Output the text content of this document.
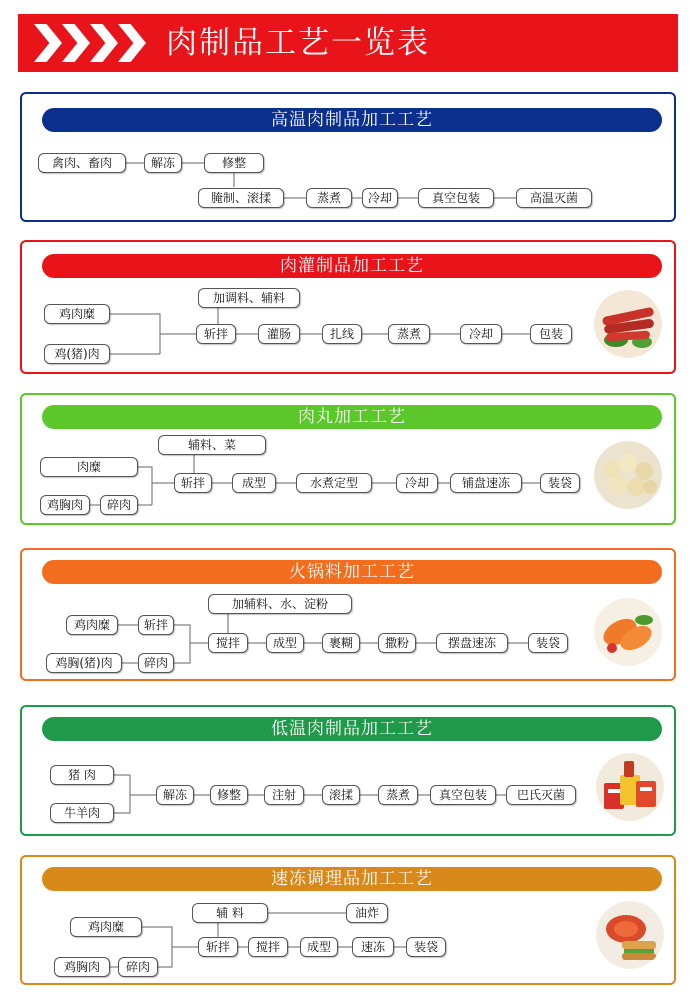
肉制品工艺一览表
高温肉制品加工工艺
禽肉、畜肉	解冻	修整
腌制、滚揉	蒸煮	冷却	真空包装	高温灭菌
肉灌制品加工工艺
鸡肉糜
鸡(猪)肉
加调料、辅料
斩拌	灌肠	扎线	蒸煮	冷却	包装
肉丸加工工艺
肉糜
鸡胸肉	碎肉
辅料、菜
斩拌	成型	水煮定型	冷却	铺盘速冻	装袋
火锅料加工工艺
鸡肉糜	斩拌
鸡胸(猪)肉	碎肉
加辅料、水、淀粉
搅拌	成型	裹糊	撒粉	摆盘速冻	装袋
低温肉制品加工工艺
猪 肉
牛羊肉
解冻	修整	注射	滚揉	蒸煮	真空包装	巴氏灭菌
速冻调理品加工工艺
鸡肉糜
鸡胸肉	碎肉
辅 料	油炸
斩拌	搅拌	成型	速冻	装袋
